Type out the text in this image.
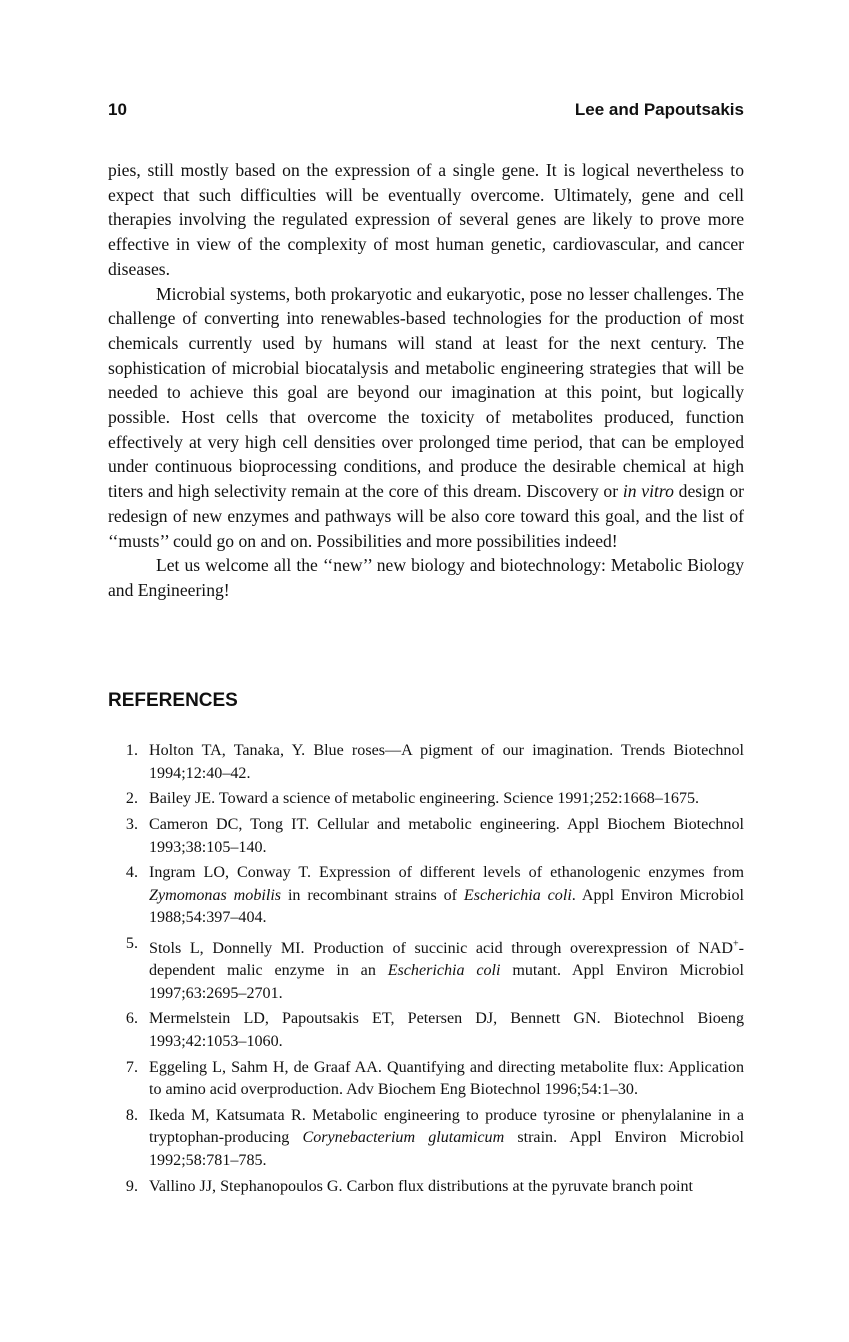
10	Lee and Papoutsakis

pies, still mostly based on the expression of a single gene. It is logical nevertheless to expect that such difficulties will be eventually overcome. Ultimately, gene and cell therapies involving the regulated expression of several genes are likely to prove more effective in view of the complexity of most human genetic, cardiovascular, and cancer diseases.

Microbial systems, both prokaryotic and eukaryotic, pose no lesser challenges. The challenge of converting into renewables-based technologies for the production of most chemicals currently used by humans will stand at least for the next century. The sophistication of microbial biocatalysis and metabolic engineering strategies that will be needed to achieve this goal are beyond our imagination at this point, but logically possible. Host cells that overcome the toxicity of metabolites produced, function effectively at very high cell densities over prolonged time period, that can be employed under continuous bioprocessing conditions, and produce the desirable chemical at high titers and high selectivity remain at the core of this dream. Discovery or in vitro design or redesign of new enzymes and pathways will be also core toward this goal, and the list of ‘‘musts’’ could go on and on. Possibilities and more possibilities indeed!

Let us welcome all the ‘‘new’’ new biology and biotechnology: Metabolic Biology and Engineering!

REFERENCES
1. Holton TA, Tanaka, Y. Blue roses—A pigment of our imagination. Trends Biotechnol 1994;12:40–42.
2. Bailey JE. Toward a science of metabolic engineering. Science 1991;252:1668–1675.
3. Cameron DC, Tong IT. Cellular and metabolic engineering. Appl Biochem Biotechnol 1993;38:105–140.
4. Ingram LO, Conway T. Expression of different levels of ethanologenic enzymes from Zymomonas mobilis in recombinant strains of Escherichia coli. Appl Environ Microbiol 1988;54:397–404.
5. Stols L, Donnelly MI. Production of succinic acid through overexpression of NAD+-dependent malic enzyme in an Escherichia coli mutant. Appl Environ Microbiol 1997;63:2695–2701.
6. Mermelstein LD, Papoutsakis ET, Petersen DJ, Bennett GN. Biotechnol Bioeng 1993;42:1053–1060.
7. Eggeling L, Sahm H, de Graaf AA. Quantifying and directing metabolite flux: Application to amino acid overproduction. Adv Biochem Eng Biotechnol 1996;54:1–30.
8. Ikeda M, Katsumata R. Metabolic engineering to produce tyrosine or phenylalanine in a tryptophan-producing Corynebacterium glutamicum strain. Appl Environ Microbiol 1992;58:781–785.
9. Vallino JJ, Stephanopoulos G. Carbon flux distributions at the pyruvate branch point
